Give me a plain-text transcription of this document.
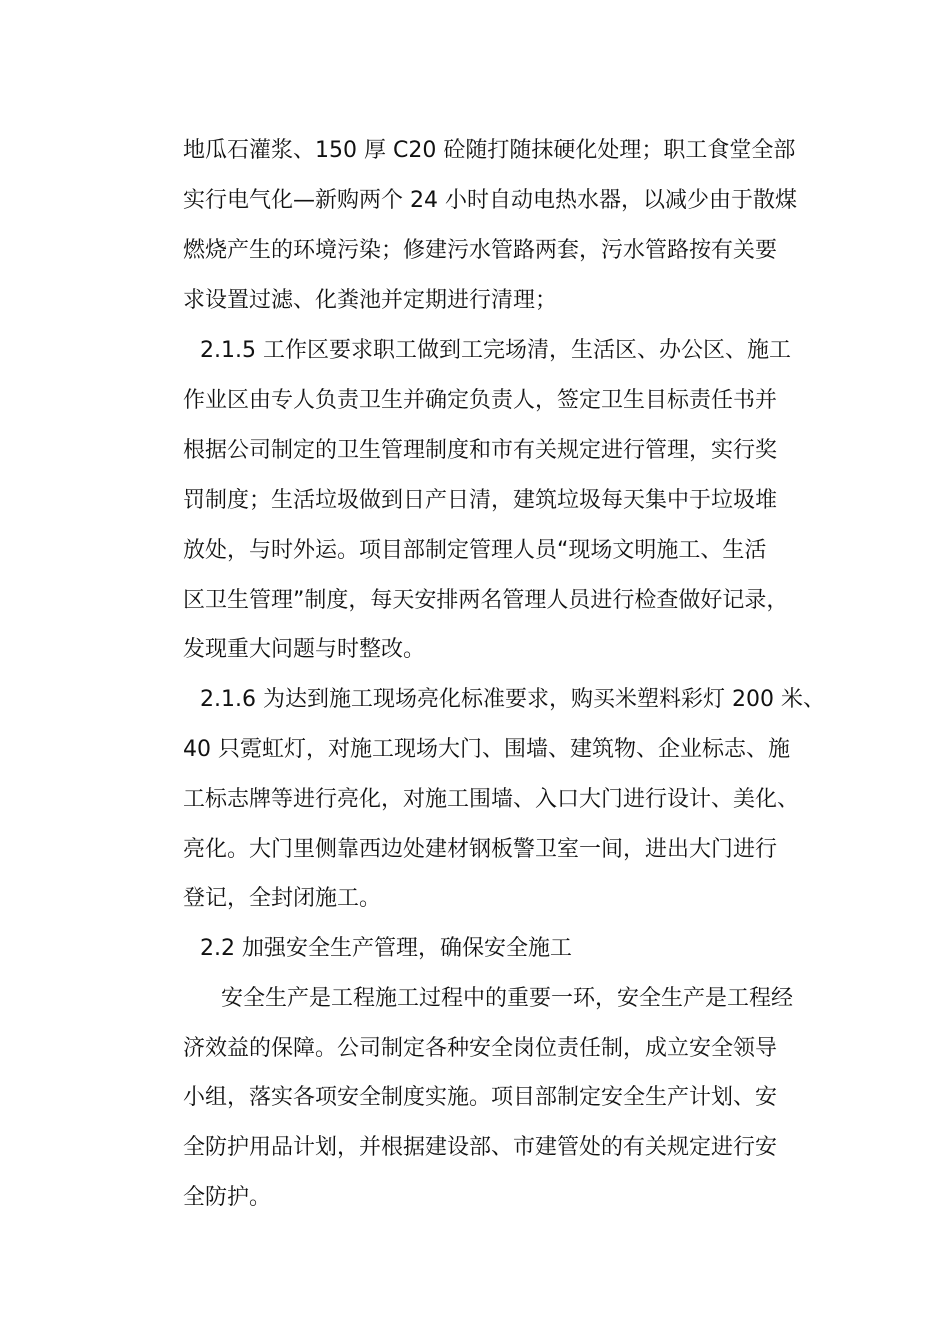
地瓜石灌浆、150 厚 C20 砼随打随抹硬化处理；职工食堂全部
实行电气化—新购两个 24 小时自动电热水器，以减少由于散煤
燃烧产生的环境污染；修建污水管路两套，污水管路按有关要
求设置过滤、化粪池并定期进行清理；
2.1.5 工作区要求职工做到工完场清，生活区、办公区、施工
作业区由专人负责卫生并确定负责人，签定卫生目标责任书并
根据公司制定的卫生管理制度和市有关规定进行管理，实行奖
罚制度；生活垃圾做到日产日清，建筑垃圾每天集中于垃圾堆
放处，与时外运。项目部制定管理人员“现场文明施工、生活
区卫生管理”制度，每天安排两名管理人员进行检查做好记录，
发现重大问题与时整改。
2.1.6 为达到施工现场亮化标准要求，购买米塑料彩灯 200 米、
40 只霓虹灯，对施工现场大门、围墙、建筑物、企业标志、施
工标志牌等进行亮化，对施工围墙、入口大门进行设计、美化、
亮化。大门里侧靠西边处建材钢板警卫室一间，进出大门进行
登记，全封闭施工。
2.2 加强安全生产管理，确保安全施工
安全生产是工程施工过程中的重要一环，安全生产是工程经
济效益的保障。公司制定各种安全岗位责任制，成立安全领导
小组，落实各项安全制度实施。项目部制定安全生产计划、安
全防护用品计划，并根据建设部、市建管处的有关规定进行安
全防护。
